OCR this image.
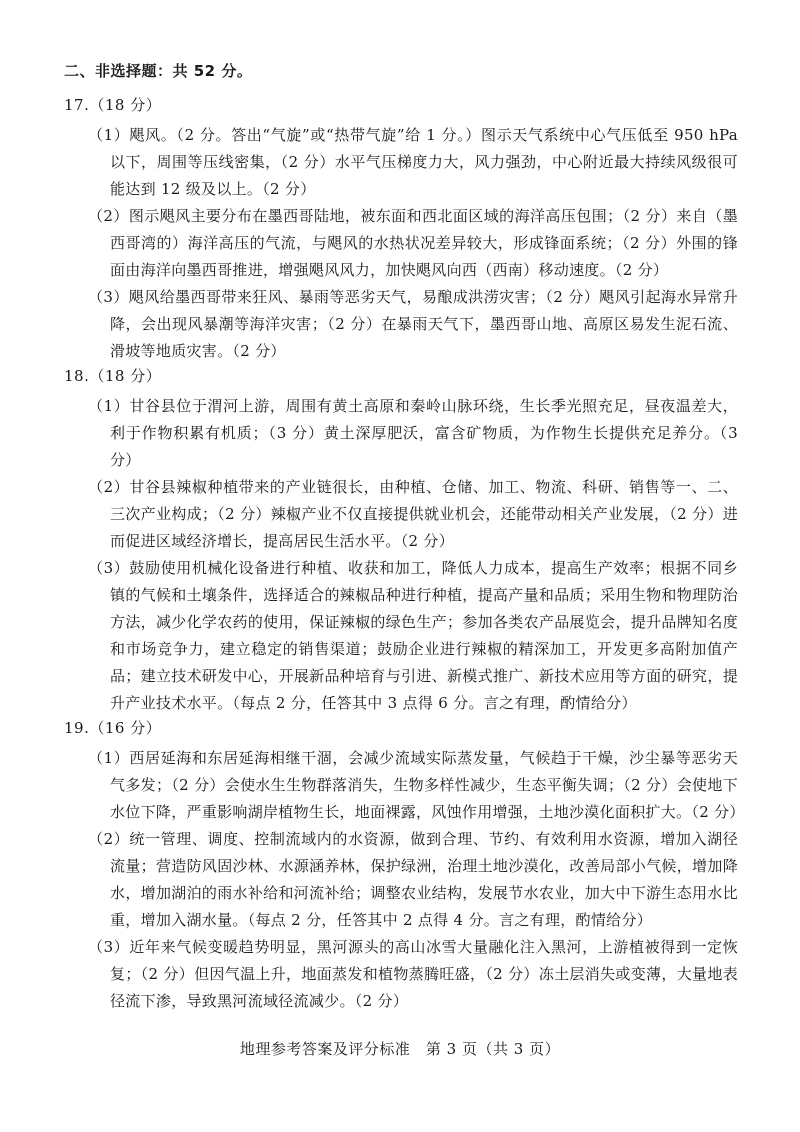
二、非选择题：共 52 分。
17.（18 分）
（1）飓风。（2 分。答出“气旋”或“热带气旋”给 1 分。）图示天气系统中心气压低至 950 hPa 以下，周围等压线密集，（2 分）水平气压梯度力大，风力强劲，中心附近最大持续风级很可能达到 12 级及以上。（2 分）
（2）图示飓风主要分布在墨西哥陆地，被东面和西北面区域的海洋高压包围；（2 分）来自（墨西哥湾的）海洋高压的气流，与飓风的水热状况差异较大，形成锋面系统；（2 分）外围的锋面由海洋向墨西哥推进，增强飓风风力，加快飓风向西（西南）移动速度。（2 分）
（3）飓风给墨西哥带来狂风、暴雨等恶劣天气，易酿成洪涝灾害；（2 分）飓风引起海水异常升降，会出现风暴潮等海洋灾害；（2 分）在暴雨天气下，墨西哥山地、高原区易发生泥石流、滑坡等地质灾害。（2 分）
18.（18 分）
（1）甘谷县位于渭河上游，周围有黄土高原和秦岭山脉环绕，生长季光照充足，昼夜温差大，利于作物积累有机质；（3 分）黄土深厚肥沃，富含矿物质，为作物生长提供充足养分。（3 分）
（2）甘谷县辣椒种植带来的产业链很长，由种植、仓储、加工、物流、科研、销售等一、二、三次产业构成；（2 分）辣椒产业不仅直接提供就业机会，还能带动相关产业发展，（2 分）进而促进区域经济增长，提高居民生活水平。（2 分）
（3）鼓励使用机械化设备进行种植、收获和加工，降低人力成本，提高生产效率；根据不同乡镇的气候和土壤条件，选择适合的辣椒品种进行种植，提高产量和品质；采用生物和物理防治方法，减少化学农药的使用，保证辣椒的绿色生产；参加各类农产品展览会，提升品牌知名度和市场竞争力，建立稳定的销售渠道；鼓励企业进行辣椒的精深加工，开发更多高附加值产品；建立技术研发中心，开展新品种培育与引进、新模式推广、新技术应用等方面的研究，提升产业技术水平。（每点 2 分，任答其中 3 点得 6 分。言之有理，酌情给分）
19.（16 分）
（1）西居延海和东居延海相继干涸，会减少流域实际蒸发量，气候趋于干燥，沙尘暴等恶劣天气多发；（2 分）会使水生生物群落消失，生物多样性减少，生态平衡失调；（2 分）会使地下水位下降，严重影响湖岸植物生长，地面裸露，风蚀作用增强，土地沙漠化面积扩大。（2 分）
（2）统一管理、调度、控制流域内的水资源，做到合理、节约、有效利用水资源，增加入湖径流量；营造防风固沙林、水源涵养林，保护绿洲，治理土地沙漠化，改善局部小气候，增加降水，增加湖泊的雨水补给和河流补给；调整农业结构，发展节水农业，加大中下游生态用水比重，增加入湖水量。（每点 2 分，任答其中 2 点得 4 分。言之有理，酌情给分）
地理参考答案及评分标准　第 3 页（共 3 页）
（3）近年来气候变暖趋势明显，黑河源头的高山冰雪大量融化注入黑河，上游植被得到一定恢复；（2 分）但因气温上升，地面蒸发和植物蒸腾旺盛，（2 分）冻土层消失或变薄，大量地表径流下渗，导致黑河流域径流减少。（2 分）
